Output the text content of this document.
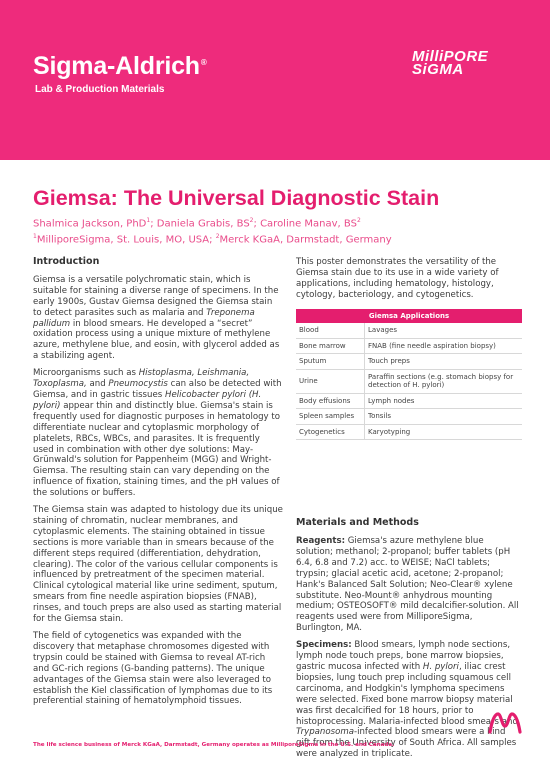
Sigma-Aldrich®
Lab & Production Materials
MilliPORE
SiGMA
Giemsa: The Universal Diagnostic Stain
Shalmica Jackson, PhD$^1$; Daniela Grabis, $BS^2$; Caroline Manav, $BS^2$
$^1$MilliporeSigma, St. Louis, MO, USA; $^2$Merck KGaA, Darmstadt, Germany
Introduction

Giemsa is a versatile polychromatic stain, which is suitable for staining a diverse range of specimens. In the early 1900s, Gustav Giemsa designed the Giemsa stain to detect parasites such as malaria and Treponema pallidum in blood smears. He developed a “secret” oxidation process using a unique mixture of methylene azure, methylene blue, and eosin, with glycerol added as a stabilizing agent.

Microorganisms such as Histoplasma, Leishmania, Toxoplasma, and Pneumocystis can also be detected with Giemsa, and in gastric tissues Helicobacter pylori (H. pylori) appear thin and distinctly blue. Giemsa's stain is frequently used for diagnostic purposes in hematology to differentiate nuclear and cytoplasmic morphology of platelets, RBCs, WBCs, and parasites. It is frequently used in combination with other dye solutions: May-Grünwald's solution for Pappenheim (MGG) and Wright-Giemsa. The resulting stain can vary depending on the influence of fixation, staining times, and the pH values of the solutions or buffers.

The Giemsa stain was adapted to histology due its unique staining of chromatin, nuclear membranes, and cytoplasmic elements. The staining obtained in tissue sections is more variable than in smears because of the different steps required (differentiation, dehydration, clearing). The color of the various cellular components is influenced by pretreatment of the specimen material. Clinical cytological material like urine sediment, sputum, smears from fine needle aspiration biopsies (FNAB), rinses, and touch preps are also used as starting material for the Giemsa stain.

The field of cytogenetics was expanded with the discovery that metaphase chromosomes digested with trypsin could be stained with Giemsa to reveal AT-rich and GC-rich regions (G-banding patterns). The unique advantages of the Giemsa stain were also leveraged to establish the Kiel classification of lymphomas due to its preferential staining of hematolymphoid tissues.

This poster demonstrates the versatility of the Giemsa stain due to its use in a wide variety of applications, including hematology, histology, cytology, bacteriology, and cytogenetics.

Giemsa Applications	
Blood	Lavages
Bone marrow	FNAB (fine needle aspiration biopsy)
Sputum	Touch preps
Urine	Paraffin sections (e.g. stomach biopsy for detection of H. pylori)
Body effusions	Lymph nodes
Spleen samples	Tonsils
Cytogenetics	Karyotyping
Materials and Methods

Reagents: Giemsa's azure methylene blue solution; methanol; 2-propanol; buffer tablets (pH 6.4, 6.8 and 7.2) acc. to WEISE; NaCl tablets; trypsin; glacial acetic acid, acetone; 2-propanol; Hank's Balanced Salt Solution; Neo-Clear® xylene substitute. Neo-Mount® anhydrous mounting medium; OSTEOSOFT® mild decalcifier-solution. All reagents used were from MilliporeSigma, Burlington, MA.

Specimens: Blood smears, lymph node sections, lymph node touch preps, bone marrow biopsies, gastric mucosa infected with H. pylori, iliac crest biopsies, lung touch prep including squamous cell carcinoma, and Hodgkin's lymphoma specimens were selected. Fixed bone marrow biopsy material was first decalcified for 18 hours, prior to histoprocessing. Malaria-infected blood smears and Trypanosoma-infected blood smears were a kind gift from the University of South Africa. All samples were analyzed in triplicate.

The life science business of Merck KGaA, Darmstadt, Germany operates as MilliporeSigma in the U.S. and Canada.
